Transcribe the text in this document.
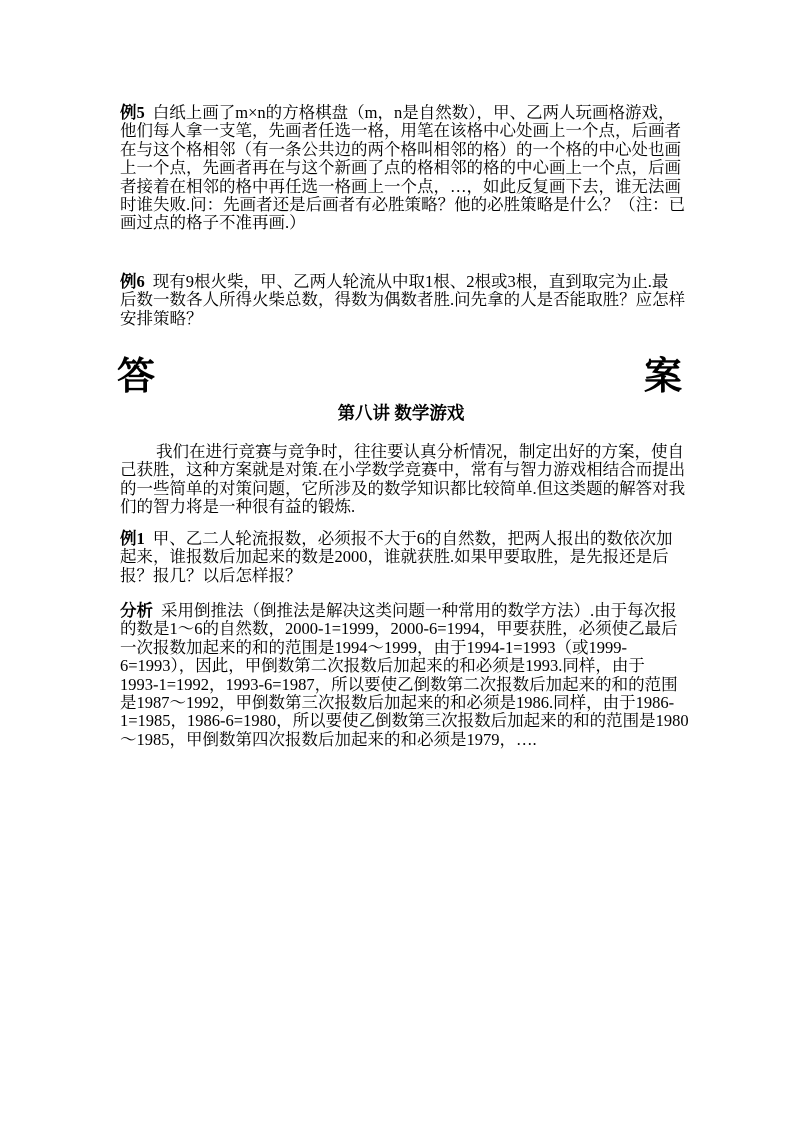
例5 白纸上画了m×n的方格棋盘（m，n是自然数），甲、乙两人玩画格游戏，
他们每人拿一支笔，先画者任选一格，用笔在该格中心处画上一个点，后画者
在与这个格相邻（有一条公共边的两个格叫相邻的格）的一个格的中心处也画
上一个点，先画者再在与这个新画了点的格相邻的格的中心画上一个点，后画
者接着在相邻的格中再任选一格画上一个点，…，如此反复画下去，谁无法画
时谁失败.问：先画者还是后画者有必胜策略？他的必胜策略是什么？（注：已
画过点的格子不准再画.）
例6 现有9根火柴，甲、乙两人轮流从中取1根、2根或3根，直到取完为止.最
后数一数各人所得火柴总数，得数为偶数者胜.问先拿的人是否能取胜？应怎样
安排策略？
答	案
第八讲 数学游戏
我们在进行竞赛与竞争时，往往要认真分析情况，制定出好的方案，使自
己获胜，这种方案就是对策.在小学数学竞赛中，常有与智力游戏相结合而提出
的一些简单的对策问题，它所涉及的数学知识都比较简单.但这类题的解答对我
们的智力将是一种很有益的锻炼.
例1 甲、乙二人轮流报数，必须报不大于6的自然数，把两人报出的数依次加
起来，谁报数后加起来的数是2000，谁就获胜.如果甲要取胜，是先报还是后
报？报几？以后怎样报？
分析 采用倒推法（倒推法是解决这类问题一种常用的数学方法）.由于每次报
的数是1～6的自然数，2000-1=1999，2000-6=1994，甲要获胜，必须使乙最后
一次报数加起来的和的范围是1994～1999，由于1994-1=1993（或1999-
6=1993），因此，甲倒数第二次报数后加起来的和必须是1993.同样，由于
1993-1=1992，1993-6=1987，所以要使乙倒数第二次报数后加起来的和的范围
是1987～1992，甲倒数第三次报数后加起来的和必须是1986.同样，由于1986-
1=1985，1986-6=1980，所以要使乙倒数第三次报数后加起来的和的范围是1980
～1985，甲倒数第四次报数后加起来的和必须是1979，….
